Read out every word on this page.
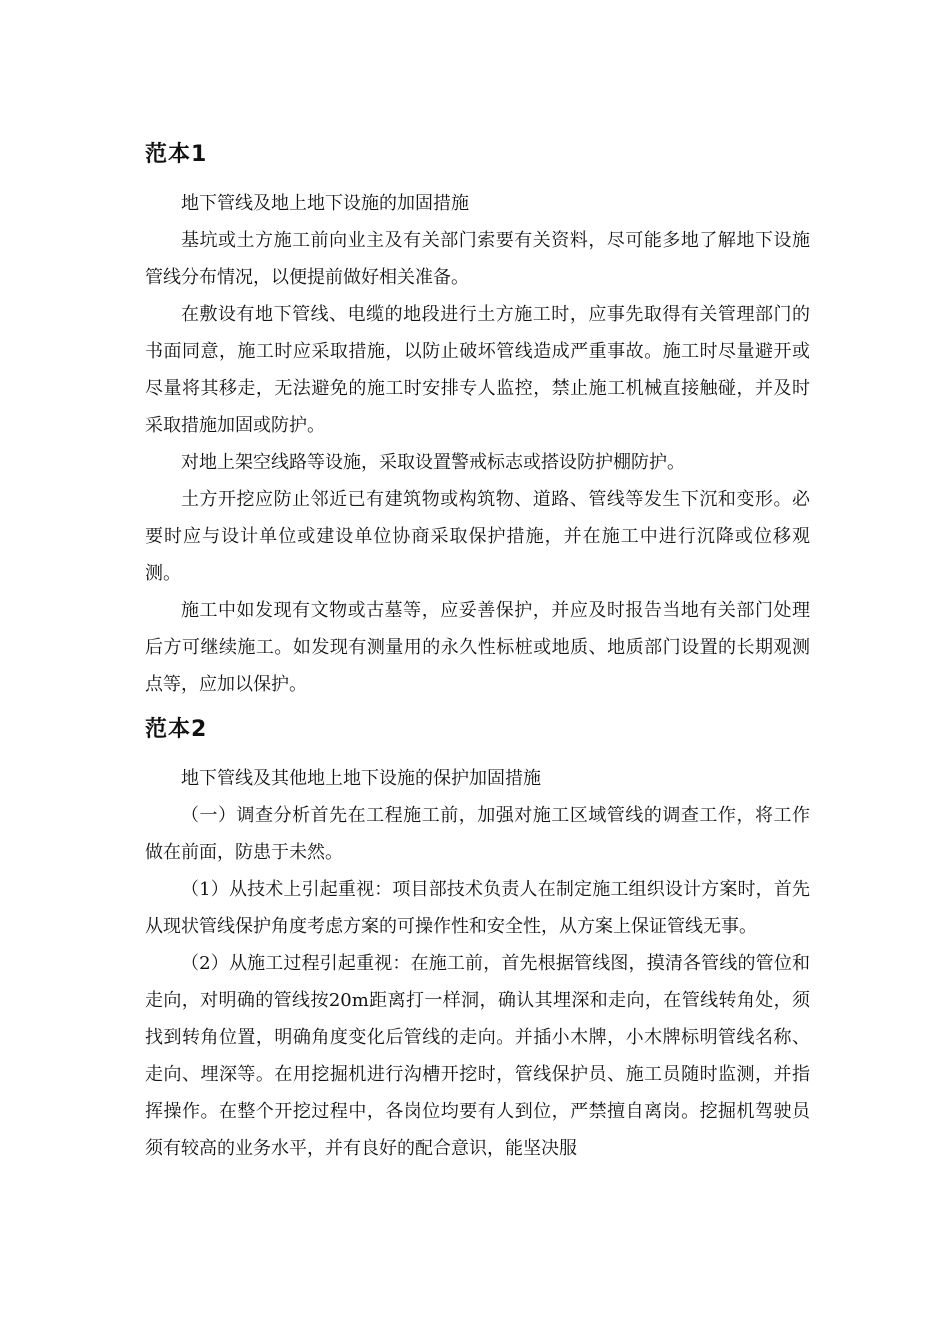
范本1

地下管线及地上地下设施的加固措施

基坑或土方施工前向业主及有关部门索要有关资料，尽可能多地了解地下设施管线分布情况，以便提前做好相关准备。

在敷设有地下管线、电缆的地段进行土方施工时，应事先取得有关管理部门的书面同意，施工时应采取措施，以防止破坏管线造成严重事故。施工时尽量避开或尽量将其移走，无法避免的施工时安排专人监控，禁止施工机械直接触碰，并及时采取措施加固或防护。

对地上架空线路等设施，采取设置警戒标志或搭设防护棚防护。

土方开挖应防止邻近已有建筑物或构筑物、道路、管线等发生下沉和变形。必要时应与设计单位或建设单位协商采取保护措施，并在施工中进行沉降或位移观测。

施工中如发现有文物或古墓等，应妥善保护，并应及时报告当地有关部门处理后方可继续施工。如发现有测量用的永久性标桩或地质、地质部门设置的长期观测点等，应加以保护。

范本2

地下管线及其他地上地下设施的保护加固措施

（一）调查分析首先在工程施工前，加强对施工区域管线的调查工作，将工作做在前面，防患于未然。

（1）从技术上引起重视：项目部技术负责人在制定施工组织设计方案时，首先从现状管线保护角度考虑方案的可操作性和安全性，从方案上保证管线无事。

（2）从施工过程引起重视：在施工前，首先根据管线图，摸清各管线的管位和走向，对明确的管线按20m距离打一样洞，确认其埋深和走向，在管线转角处，须找到转角位置，明确角度变化后管线的走向。并插小木牌，小木牌标明管线名称、走向、埋深等。在用挖掘机进行沟槽开挖时，管线保护员、施工员随时监测，并指挥操作。在整个开挖过程中，各岗位均要有人到位，严禁擅自离岗。挖掘机驾驶员须有较高的业务水平，并有良好的配合意识，能坚决服
